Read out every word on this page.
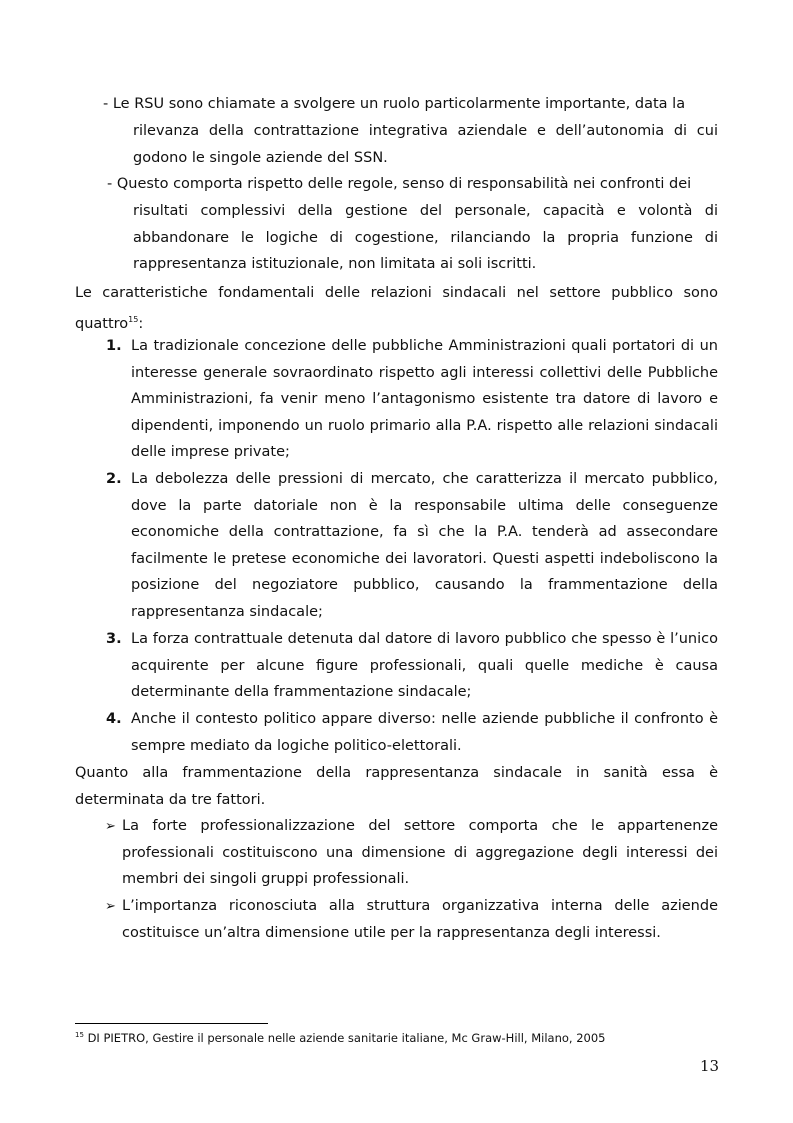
- Le RSU sono chiamate a svolgere un ruolo particolarmente importante, data la

rilevanza della contrattazione integrativa aziendale e dell’autonomia di cui godono le singole aziende del SSN.

- Questo comporta rispetto delle regole, senso di responsabilità nei confronti dei

risultati complessivi della gestione del personale, capacità e volontà di abbandonare le logiche di cogestione, rilanciando la propria funzione di rappresentanza istituzionale, non limitata ai soli iscritti.

Le caratteristiche fondamentali delle relazioni sindacali nel settore pubblico sono quattro$^{15}$:

1. La tradizionale concezione delle pubbliche Amministrazioni quali portatori di un interesse generale sovraordinato rispetto agli interessi collettivi delle Pubbliche Amministrazioni, fa venir meno l’antagonismo esistente tra datore di lavoro e dipendenti, imponendo un ruolo primario alla P.A. rispetto alle relazioni sindacali delle imprese private;

2. La debolezza delle pressioni di mercato, che caratterizza il mercato pubblico, dove la parte datoriale non è la responsabile ultima delle conseguenze economiche della contrattazione, fa sì che la P.A. tenderà ad assecondare facilmente le pretese economiche dei lavoratori. Questi aspetti indeboliscono la posizione del negoziatore pubblico, causando la frammentazione della rappresentanza sindacale;

3. La forza contrattuale detenuta dal datore di lavoro pubblico che spesso è l’unico acquirente per alcune figure professionali, quali quelle mediche è causa determinante della frammentazione sindacale;

4. Anche il contesto politico appare diverso: nelle aziende pubbliche il confronto è sempre mediato da logiche politico-elettorali.

Quanto alla frammentazione della rappresentanza sindacale in sanità essa è determinata da tre fattori.

➢ La forte professionalizzazione del settore comporta che le appartenenze professionali costituiscono una dimensione di aggregazione degli interessi dei membri dei singoli gruppi professionali.

➢ L’importanza riconosciuta alla struttura organizzativa interna delle aziende costituisce un’altra dimensione utile per la rappresentanza degli interessi.

$^{15}$ DI PIETRO, Gestire il personale nelle aziende sanitarie italiane, Mc Graw-Hill, Milano, 2005
13
